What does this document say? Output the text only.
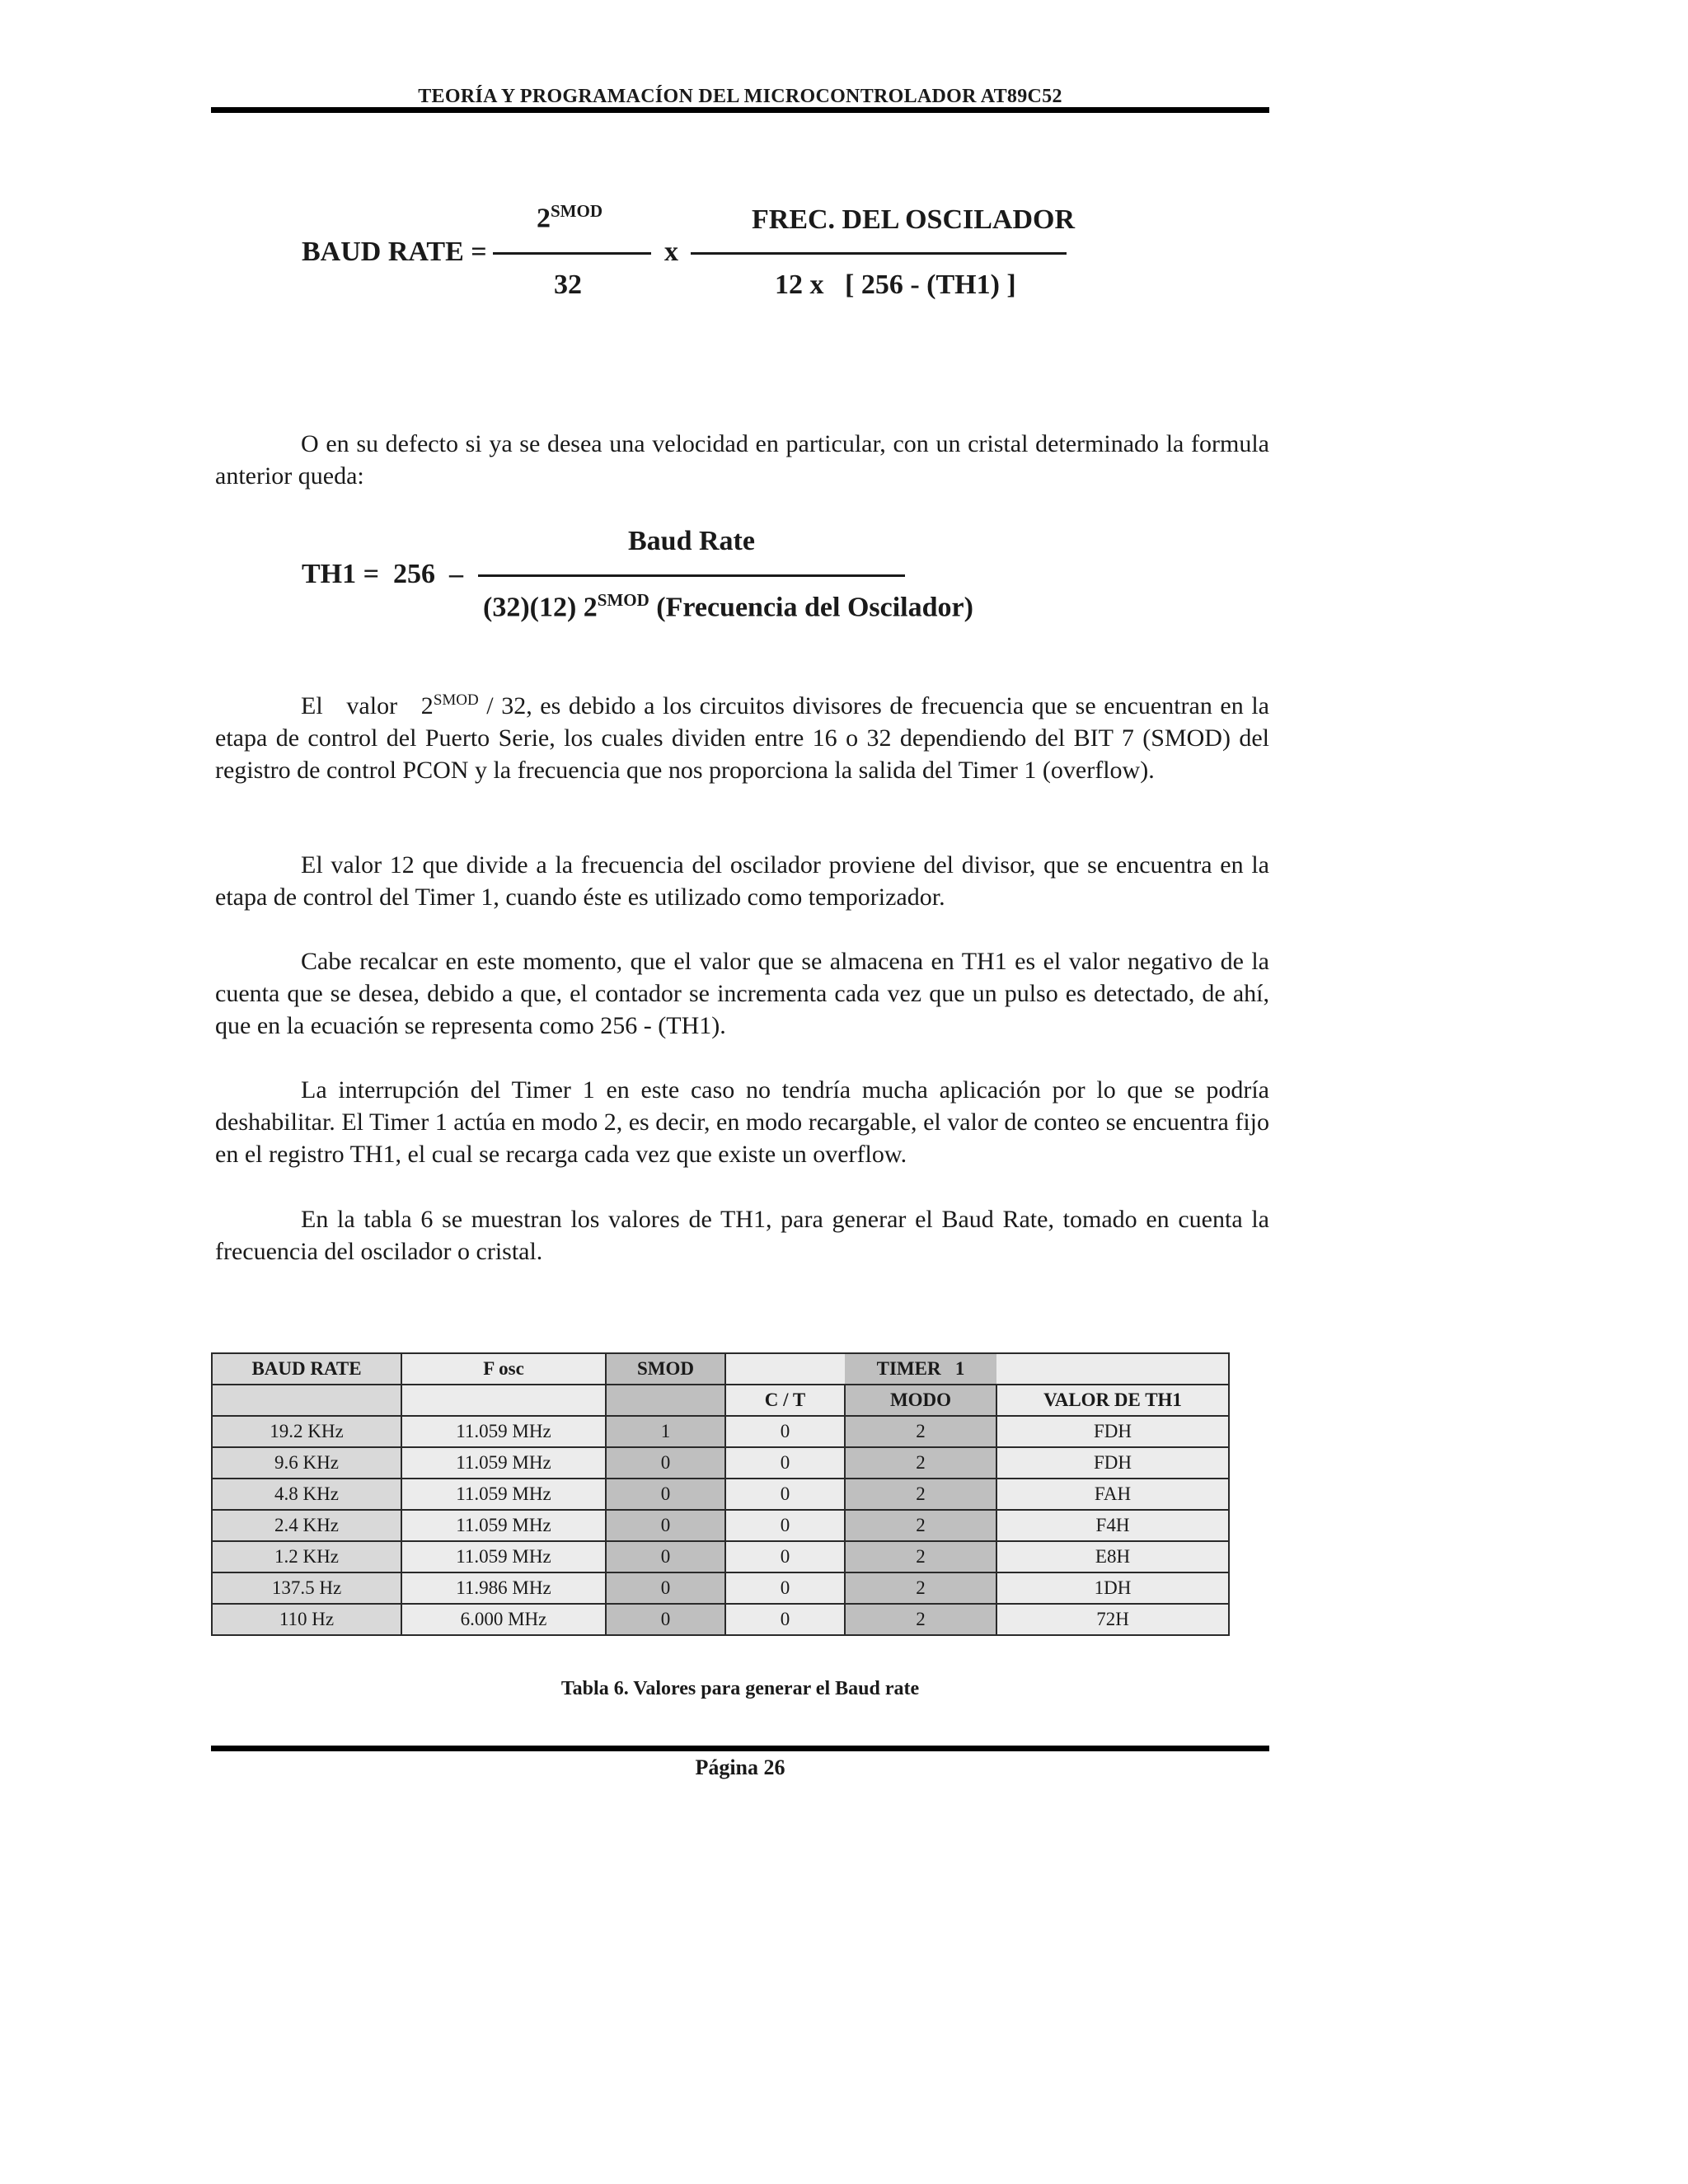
TEORÍA Y PROGRAMACÍON DEL MICROCONTROLADOR AT89C52
$2^{SMOD}$
BAUD RATE =	x
32
FREC. DEL OSCILADOR
12 x   [ 256 - (TH1) ]

O en su defecto si ya se desea una velocidad en particular, con un cristal determinado la formula anterior queda:

Baud Rate
TH1 =  256  –
(32)(12) $2^{SMOD}$ (Frecuencia del Oscilador)

El   valor   $2^{SMOD} / 32$, es debido a los circuitos divisores de frecuencia que se encuentran en la etapa de control del Puerto Serie, los cuales dividen entre 16 o 32 dependiendo del BIT 7 (SMOD) del registro de control PCON y la frecuencia que nos proporciona la salida del Timer 1 (overflow).

El valor 12 que divide a la frecuencia del oscilador proviene del divisor, que se encuentra en la etapa de control del Timer 1, cuando éste es utilizado como temporizador.

Cabe recalcar en este momento, que el valor que se almacena en TH1 es el valor negativo de la cuenta que se desea, debido a que, el contador se incrementa cada vez que un pulso es detectado, de ahí, que en la ecuación se representa como 256 - (TH1).

La interrupción del Timer 1 en este caso no tendría mucha aplicación por lo que se podría deshabilitar. El Timer 1 actúa en modo 2, es decir, en modo recargable, el valor de conteo se encuentra fijo en el registro TH1, el cual se recarga cada vez que existe un overflow.

En la tabla 6 se muestran los valores de TH1, para generar el Baud Rate, tomado en cuenta la frecuencia del oscilador o cristal.

BAUD RATE	F osc	SMOD		TIMER   1	
			C / T	MODO	VALOR DE TH1
19.2 KHz	11.059 MHz	1	0	2	FDH
9.6 KHz	11.059 MHz	0	0	2	FDH
4.8 KHz	11.059 MHz	0	0	2	FAH
2.4 KHz	11.059 MHz	0	0	2	F4H
1.2 KHz	11.059 MHz	0	0	2	E8H
137.5 Hz	11.986 MHz	0	0	2	1DH
110 Hz	6.000 MHz	0	0	2	72H
Tabla 6. Valores para generar el Baud rate
Página 26
